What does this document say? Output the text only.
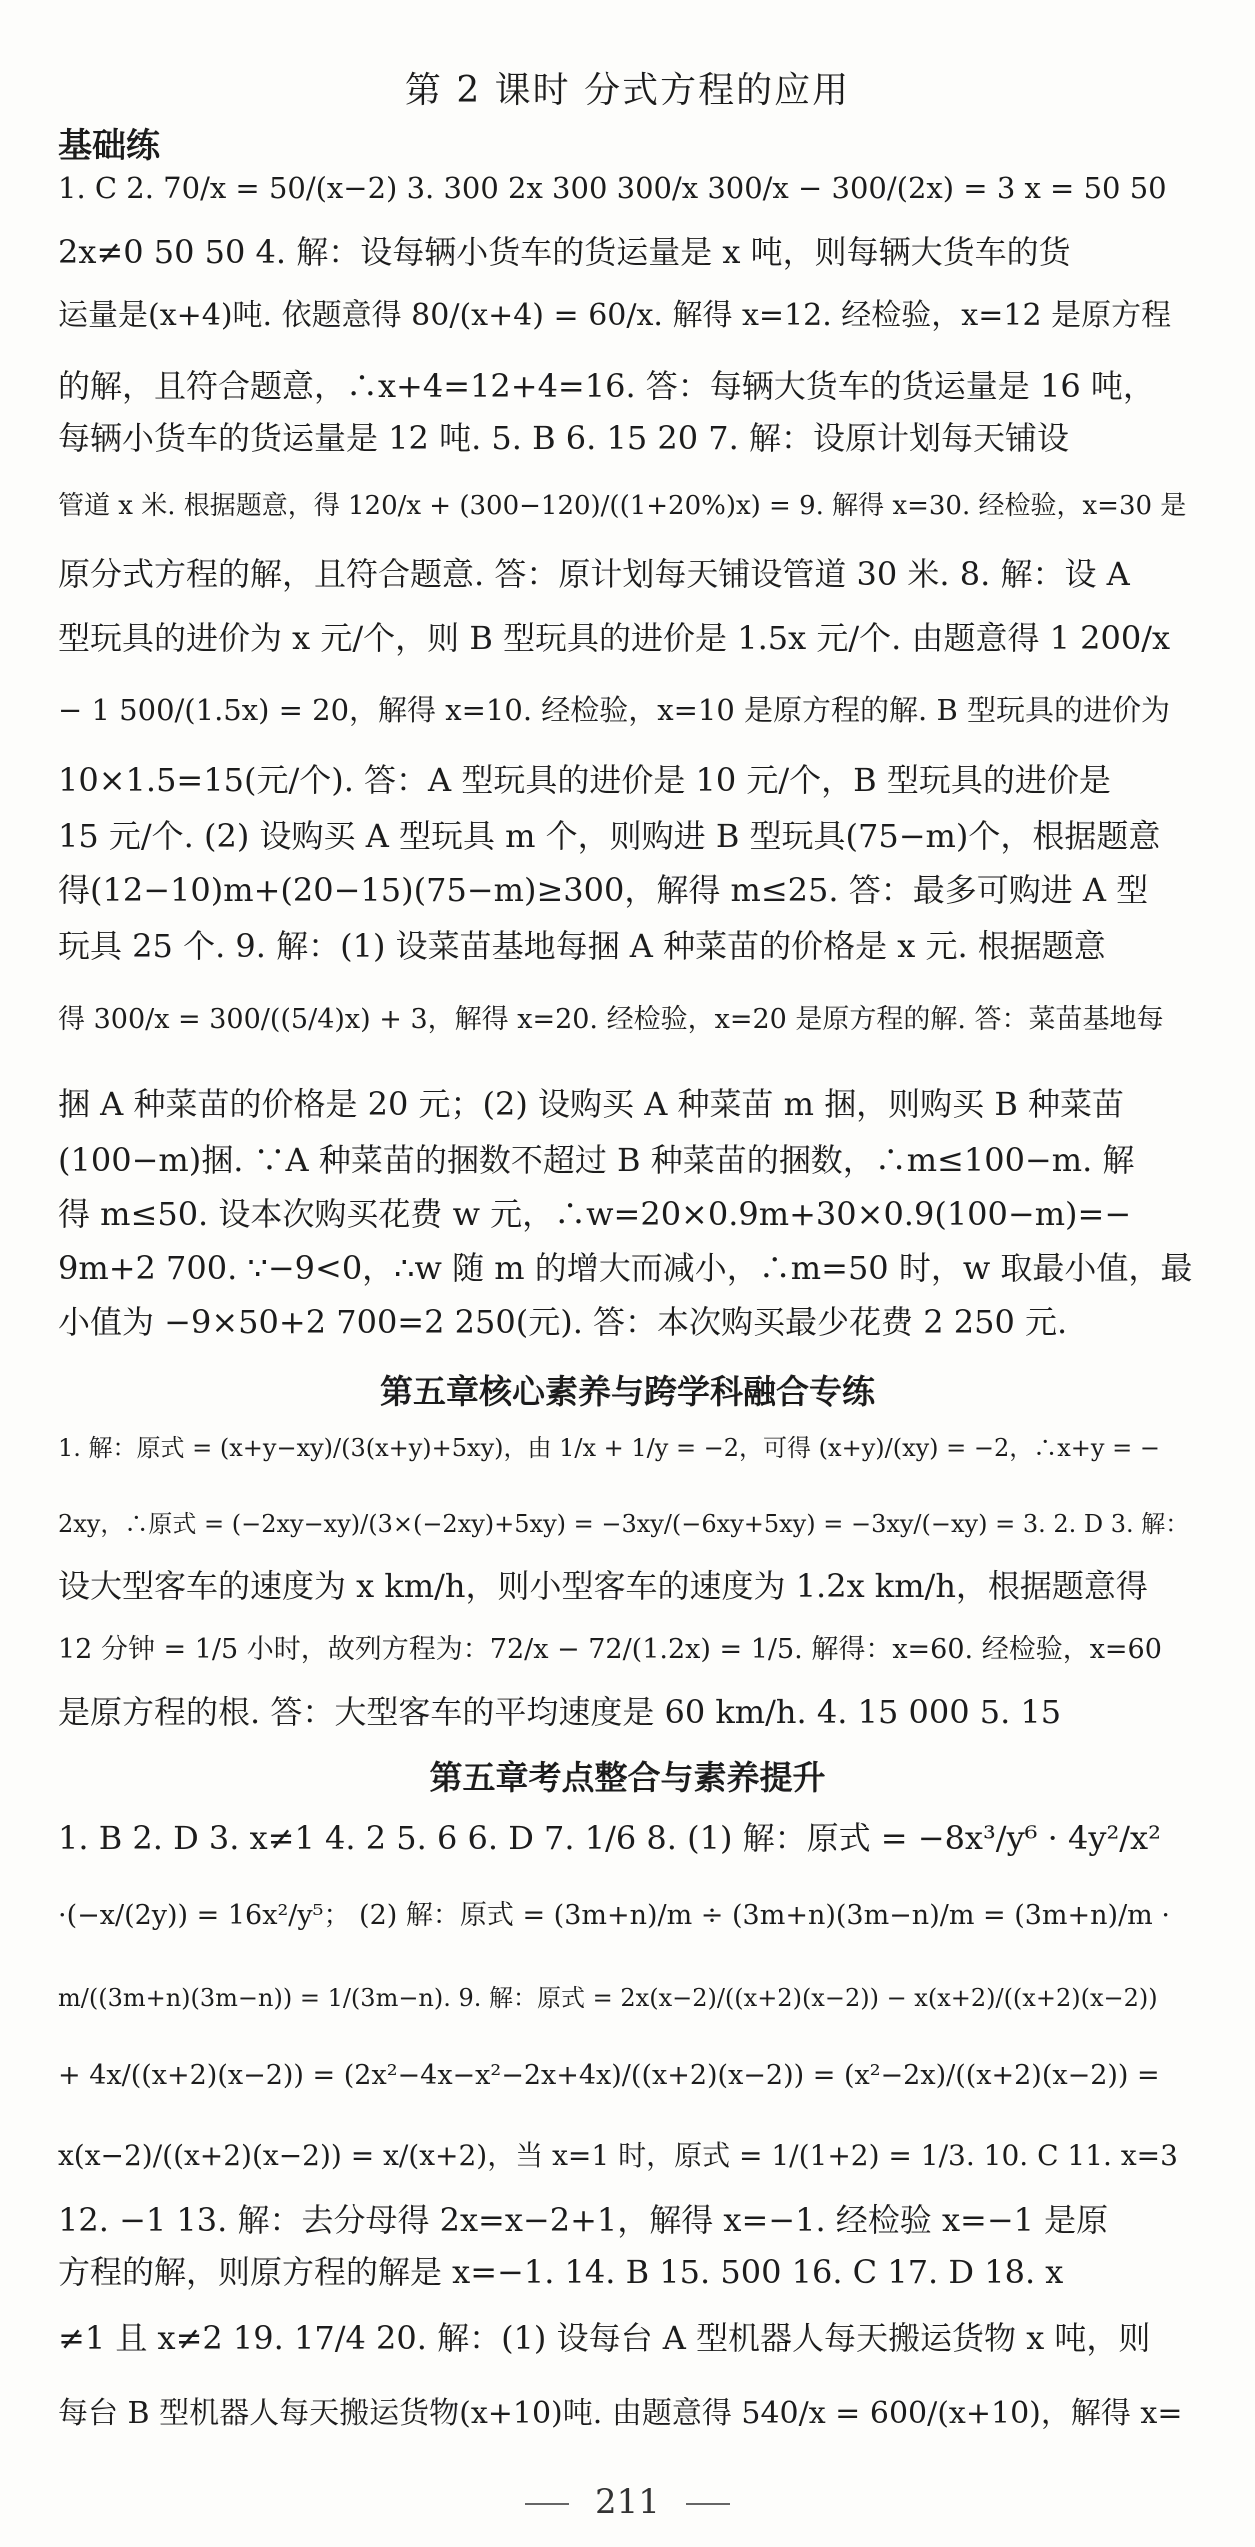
第 2 课时 分式方程的应用
基础练
1. C 2. 70/x = 50/(x−2) 3. 300 2x 300 300/x 300/x − 300/(2x) = 3 x = 50 50
2x≠0 50 50 4. 解：设每辆小货车的货运量是 x 吨，则每辆大货车的货
运量是(x+4)吨. 依题意得 80/(x+4) = 60/x. 解得 x=12. 经检验，x=12 是原方程
的解，且符合题意，∴x+4=12+4=16. 答：每辆大货车的货运量是 16 吨，
每辆小货车的货运量是 12 吨. 5. B 6. 15 20 7. 解：设原计划每天铺设
管道 x 米. 根据题意，得 120/x + (300−120)/((1+20%)x) = 9. 解得 x=30. 经检验，x=30 是
原分式方程的解，且符合题意. 答：原计划每天铺设管道 30 米. 8. 解：设 A
型玩具的进价为 x 元/个，则 B 型玩具的进价是 1.5x 元/个. 由题意得 1 200/x
− 1 500/(1.5x) = 20，解得 x=10. 经检验，x=10 是原方程的解. B 型玩具的进价为
10×1.5=15(元/个). 答：A 型玩具的进价是 10 元/个，B 型玩具的进价是
15 元/个. (2) 设购买 A 型玩具 m 个，则购进 B 型玩具(75−m)个，根据题意
得(12−10)m+(20−15)(75−m)≥300，解得 m≤25. 答：最多可购进 A 型
玩具 25 个. 9. 解：(1) 设菜苗基地每捆 A 种菜苗的价格是 x 元. 根据题意
得 300/x = 300/((5/4)x) + 3，解得 x=20. 经检验，x=20 是原方程的解. 答：菜苗基地每
捆 A 种菜苗的价格是 20 元；(2) 设购买 A 种菜苗 m 捆，则购买 B 种菜苗
(100−m)捆. ∵A 种菜苗的捆数不超过 B 种菜苗的捆数，∴m≤100−m. 解
得 m≤50. 设本次购买花费 w 元，∴w=20×0.9m+30×0.9(100−m)=−
9m+2 700. ∵−9<0，∴w 随 m 的增大而减小，∴m=50 时，w 取最小值，最
小值为 −9×50+2 700=2 250(元). 答：本次购买最少花费 2 250 元.
第五章核心素养与跨学科融合专练
1. 解：原式 = (x+y−xy)/(3(x+y)+5xy)，由 1/x + 1/y = −2，可得 (x+y)/(xy) = −2，∴x+y = −
2xy，∴原式 = (−2xy−xy)/(3×(−2xy)+5xy) = −3xy/(−6xy+5xy) = −3xy/(−xy) = 3. 2. D 3. 解：
设大型客车的速度为 x km/h，则小型客车的速度为 1.2x km/h，根据题意得
12 分钟 = 1/5 小时，故列方程为：72/x − 72/(1.2x) = 1/5. 解得：x=60. 经检验，x=60
是原方程的根. 答：大型客车的平均速度是 60 km/h. 4. 15 000 5. 15
第五章考点整合与素养提升
1. B 2. D 3. x≠1 4. 2 5. 6 6. D 7. 1/6 8. (1) 解：原式 = −8x³/y⁶ · 4y²/x²
·(−x/(2y)) = 16x²/y⁵； (2) 解：原式 = (3m+n)/m ÷ (3m+n)(3m−n)/m = (3m+n)/m ·
m/((3m+n)(3m−n)) = 1/(3m−n). 9. 解：原式 = 2x(x−2)/((x+2)(x−2)) − x(x+2)/((x+2)(x−2))
+ 4x/((x+2)(x−2)) = (2x²−4x−x²−2x+4x)/((x+2)(x−2)) = (x²−2x)/((x+2)(x−2)) =
x(x−2)/((x+2)(x−2)) = x/(x+2)，当 x=1 时，原式 = 1/(1+2) = 1/3. 10. C 11. x=3
12. −1 13. 解：去分母得 2x=x−2+1，解得 x=−1. 经检验 x=−1 是原
方程的解，则原方程的解是 x=−1. 14. B 15. 500 16. C 17. D 18. x
≠1 且 x≠2 19. 17/4 20. 解：(1) 设每台 A 型机器人每天搬运货物 x 吨，则
每台 B 型机器人每天搬运货物(x+10)吨. 由题意得 540/x = 600/(x+10)，解得 x=
211
